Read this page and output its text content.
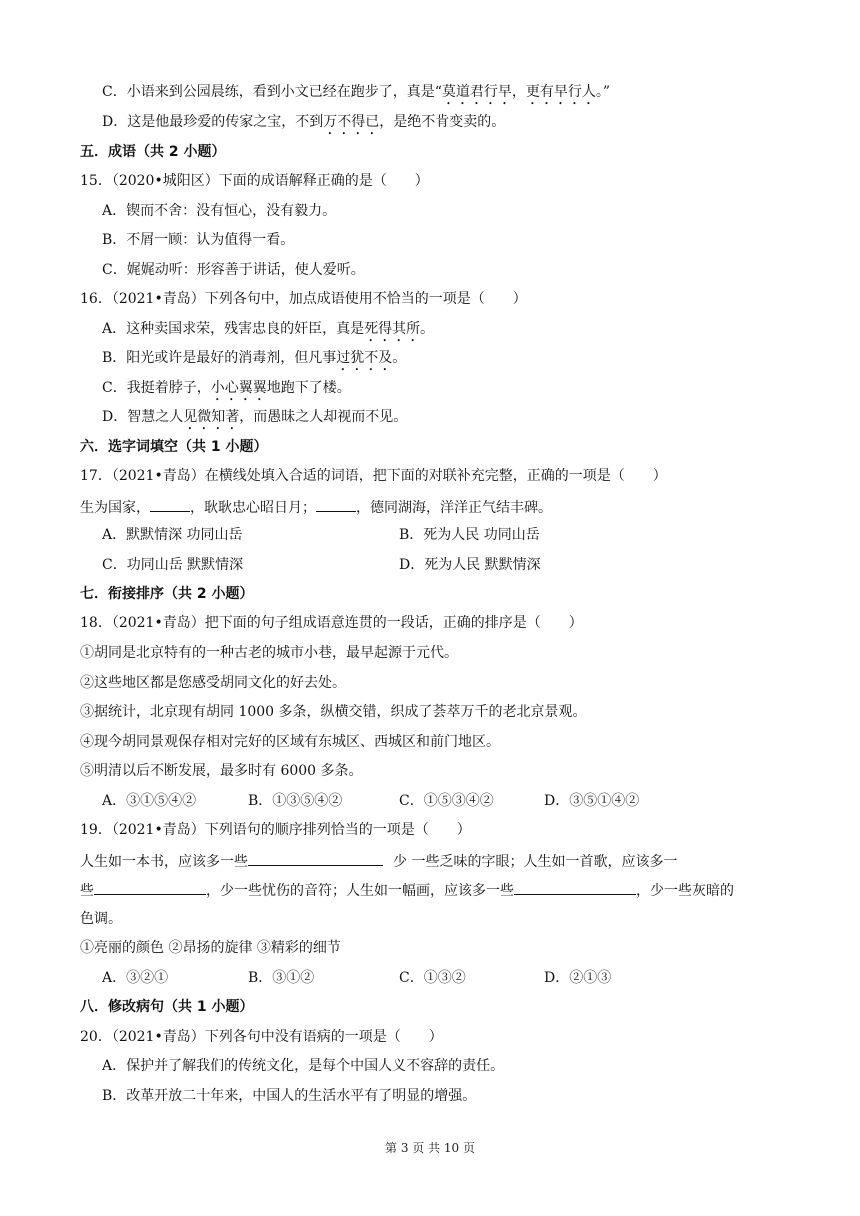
C．小语来到公园晨练，看到小文已经在跑步了，真是“莫道君行早，更有早行人。”
D．这是他最珍爱的传家之宝，不到万不得已，是绝不肯变卖的。
五．成语（共 2 小题）
15．（2020•城阳区）下面的成语解释正确的是（　　）
A．锲而不舍：没有恒心，没有毅力。
B．不屑一顾：认为值得一看。
C．娓娓动听：形容善于讲话，使人爱听。
16．（2021•青岛）下列各句中，加点成语使用不恰当的一项是（　　）
A．这种卖国求荣，残害忠良的奸臣，真是死得其所。
B．阳光或许是最好的消毒剂，但凡事过犹不及。
C．我挺着脖子，小心翼翼地跑下了楼。
D．智慧之人见微知著，而愚昧之人却视而不见。
六．选字词填空（共 1 小题）
17．（2021•青岛）在横线处填入合适的词语，把下面的对联补充完整，正确的一项是（　　）
生为国家，	，耿耿忠心昭日月；	，德同湖海，洋洋正气结丰碑。
A．默默情深 功同山岳	B．死为人民 功同山岳
C．功同山岳 默默情深	D．死为人民 默默情深
七．衔接排序（共 2 小题）
18．（2021•青岛）把下面的句子组成语意连贯的一段话，正确的排序是（　　）
①胡同是北京特有的一种古老的城市小巷，最早起源于元代。
②这些地区都是您感受胡同文化的好去处。
③据统计，北京现有胡同 1000 多条，纵横交错，织成了荟萃万千的老北京景观。
④现今胡同景观保存相对完好的区域有东城区、西城区和前门地区。
⑤明清以后不断发展，最多时有 6000 多条。
A．③①⑤④②	B．①③⑤④②	C．①⑤③④②	D．③⑤①④②
19．（2021•青岛）下列语句的顺序排列恰当的一项是（　　）
人生如一本书，应该多一些	少 一些乏味的字眼；人生如一首歌，应该多一
些	，少一些忧伤的音符；人生如一幅画，应该多一些	，少一些灰暗的
色调。
①亮丽的颜色 ②昂扬的旋律 ③精彩的细节
A．③②①	B．③①②	C．①③②	D．②①③
八．修改病句（共 1 小题）
20．（2021•青岛）下列各句中没有语病的一项是（　　）
A．保护并了解我们的传统文化，是每个中国人义不容辞的责任。
B．改革开放二十年来，中国人的生活水平有了明显的增强。
第 3 页 共 10 页
